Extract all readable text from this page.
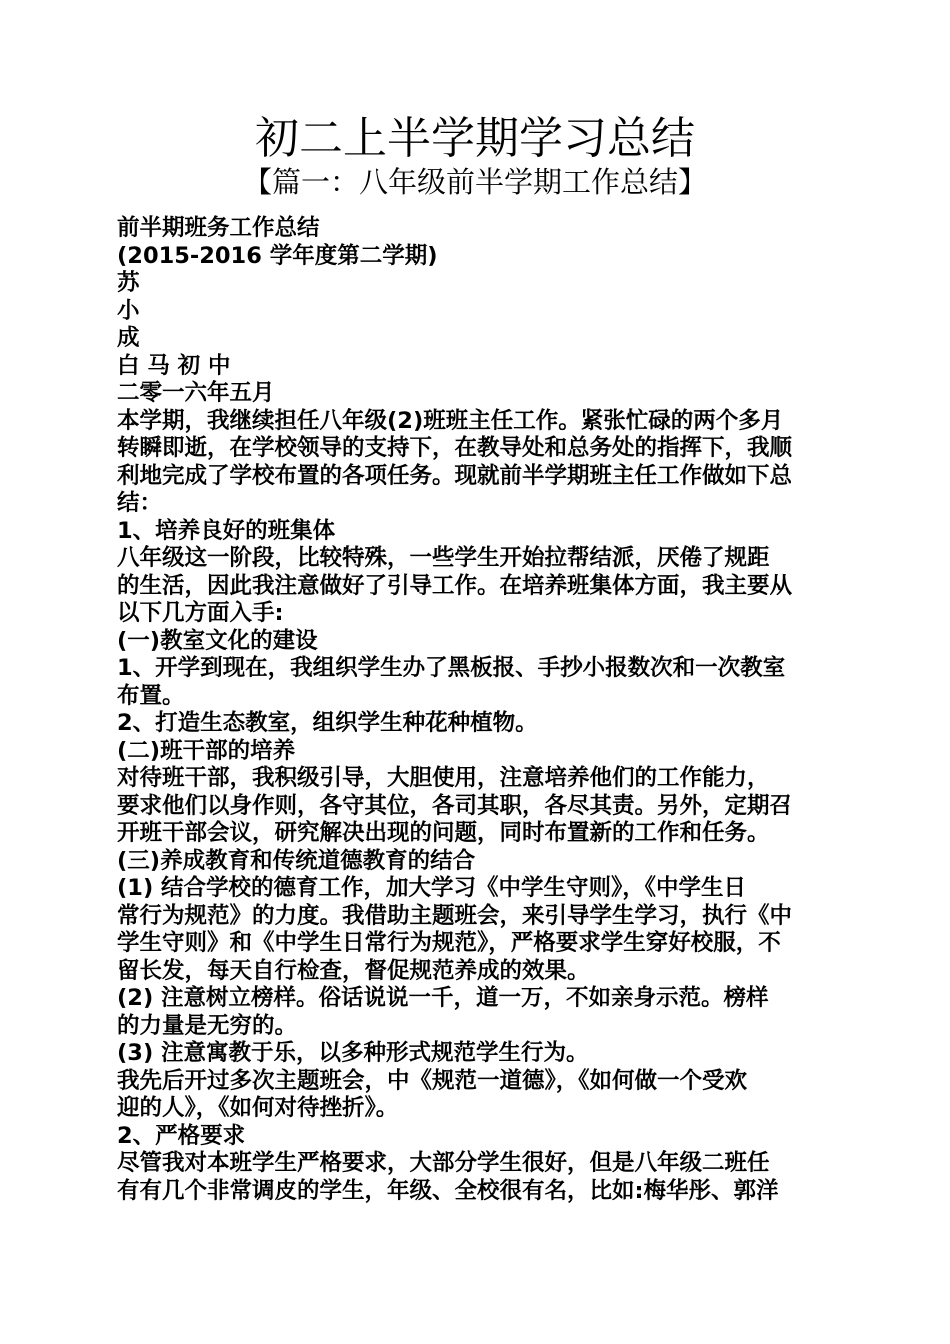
初二上半学期学习总结
【篇一：八年级前半学期工作总结】
前半期班务工作总结
(2015-2016 学年度第二学期)
苏
小
成
白 马 初 中
二零一六年五月
本学期，我继续担任八年级(2)班班主任工作。紧张忙碌的两个多月
转瞬即逝，在学校领导的支持下，在教导处和总务处的指挥下，我顺
利地完成了学校布置的各项任务。现就前半学期班主任工作做如下总
结：
1、培养良好的班集体
八年级这一阶段，比较特殊，一些学生开始拉帮结派，厌倦了规距
的生活，因此我注意做好了引导工作。在培养班集体方面，我主要从
以下几方面入手:
(一)教室文化的建设
1、开学到现在，我组织学生办了黑板报、手抄小报数次和一次教室
布置。
2、打造生态教室，组织学生种花种植物。
(二)班干部的培养
对待班干部，我积级引导，大胆使用，注意培养他们的工作能力，
要求他们以身作则，各守其位，各司其职，各尽其责。另外，定期召
开班干部会议，研究解决出现的问题，同时布置新的工作和任务。
(三)养成教育和传统道德教育的结合
(1) 结合学校的德育工作，加大学习《中学生守则》，《中学生日
常行为规范》的力度。我借助主题班会，来引导学生学习，执行《中
学生守则》和《中学生日常行为规范》，严格要求学生穿好校服，不
留长发，每天自行检查，督促规范养成的效果。
(2) 注意树立榜样。俗话说说一千，道一万，不如亲身示范。榜样
的力量是无穷的。
(3) 注意寓教于乐，以多种形式规范学生行为。
我先后开过多次主题班会，中《规范一道德》，《如何做一个受欢
迎的人》，《如何对待挫折》。
2、严格要求
尽管我对本班学生严格要求，大部分学生很好，但是八年级二班任
有有几个非常调皮的学生，年级、全校很有名，比如:梅华彤、郭洋
